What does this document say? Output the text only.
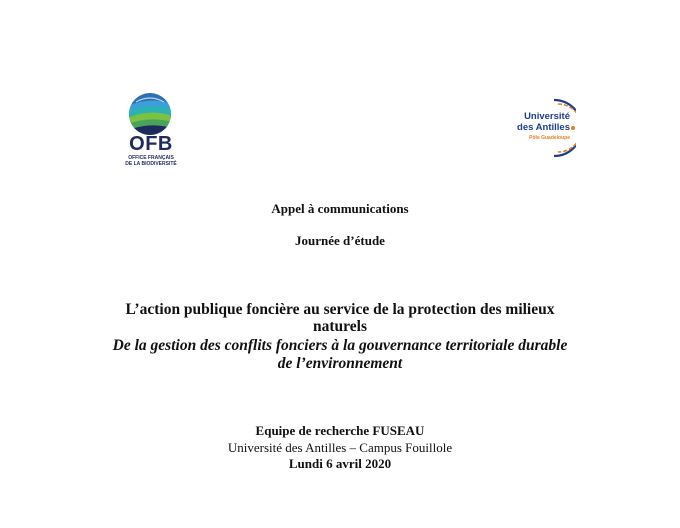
OFB
OFFICE FRANÇAIS
DE LA BIODIVERSITÉ
Université
des Antilles
Pôle Guadeloupe
Appel à communications
Journée d’étude
L’action publique foncière au service de la protection des milieux
naturels
De la gestion des conflits fonciers à la gouvernance territoriale durable
de l’environnement
Equipe de recherche FUSEAU
Université des Antilles – Campus Fouillole
Lundi 6 avril 2020
